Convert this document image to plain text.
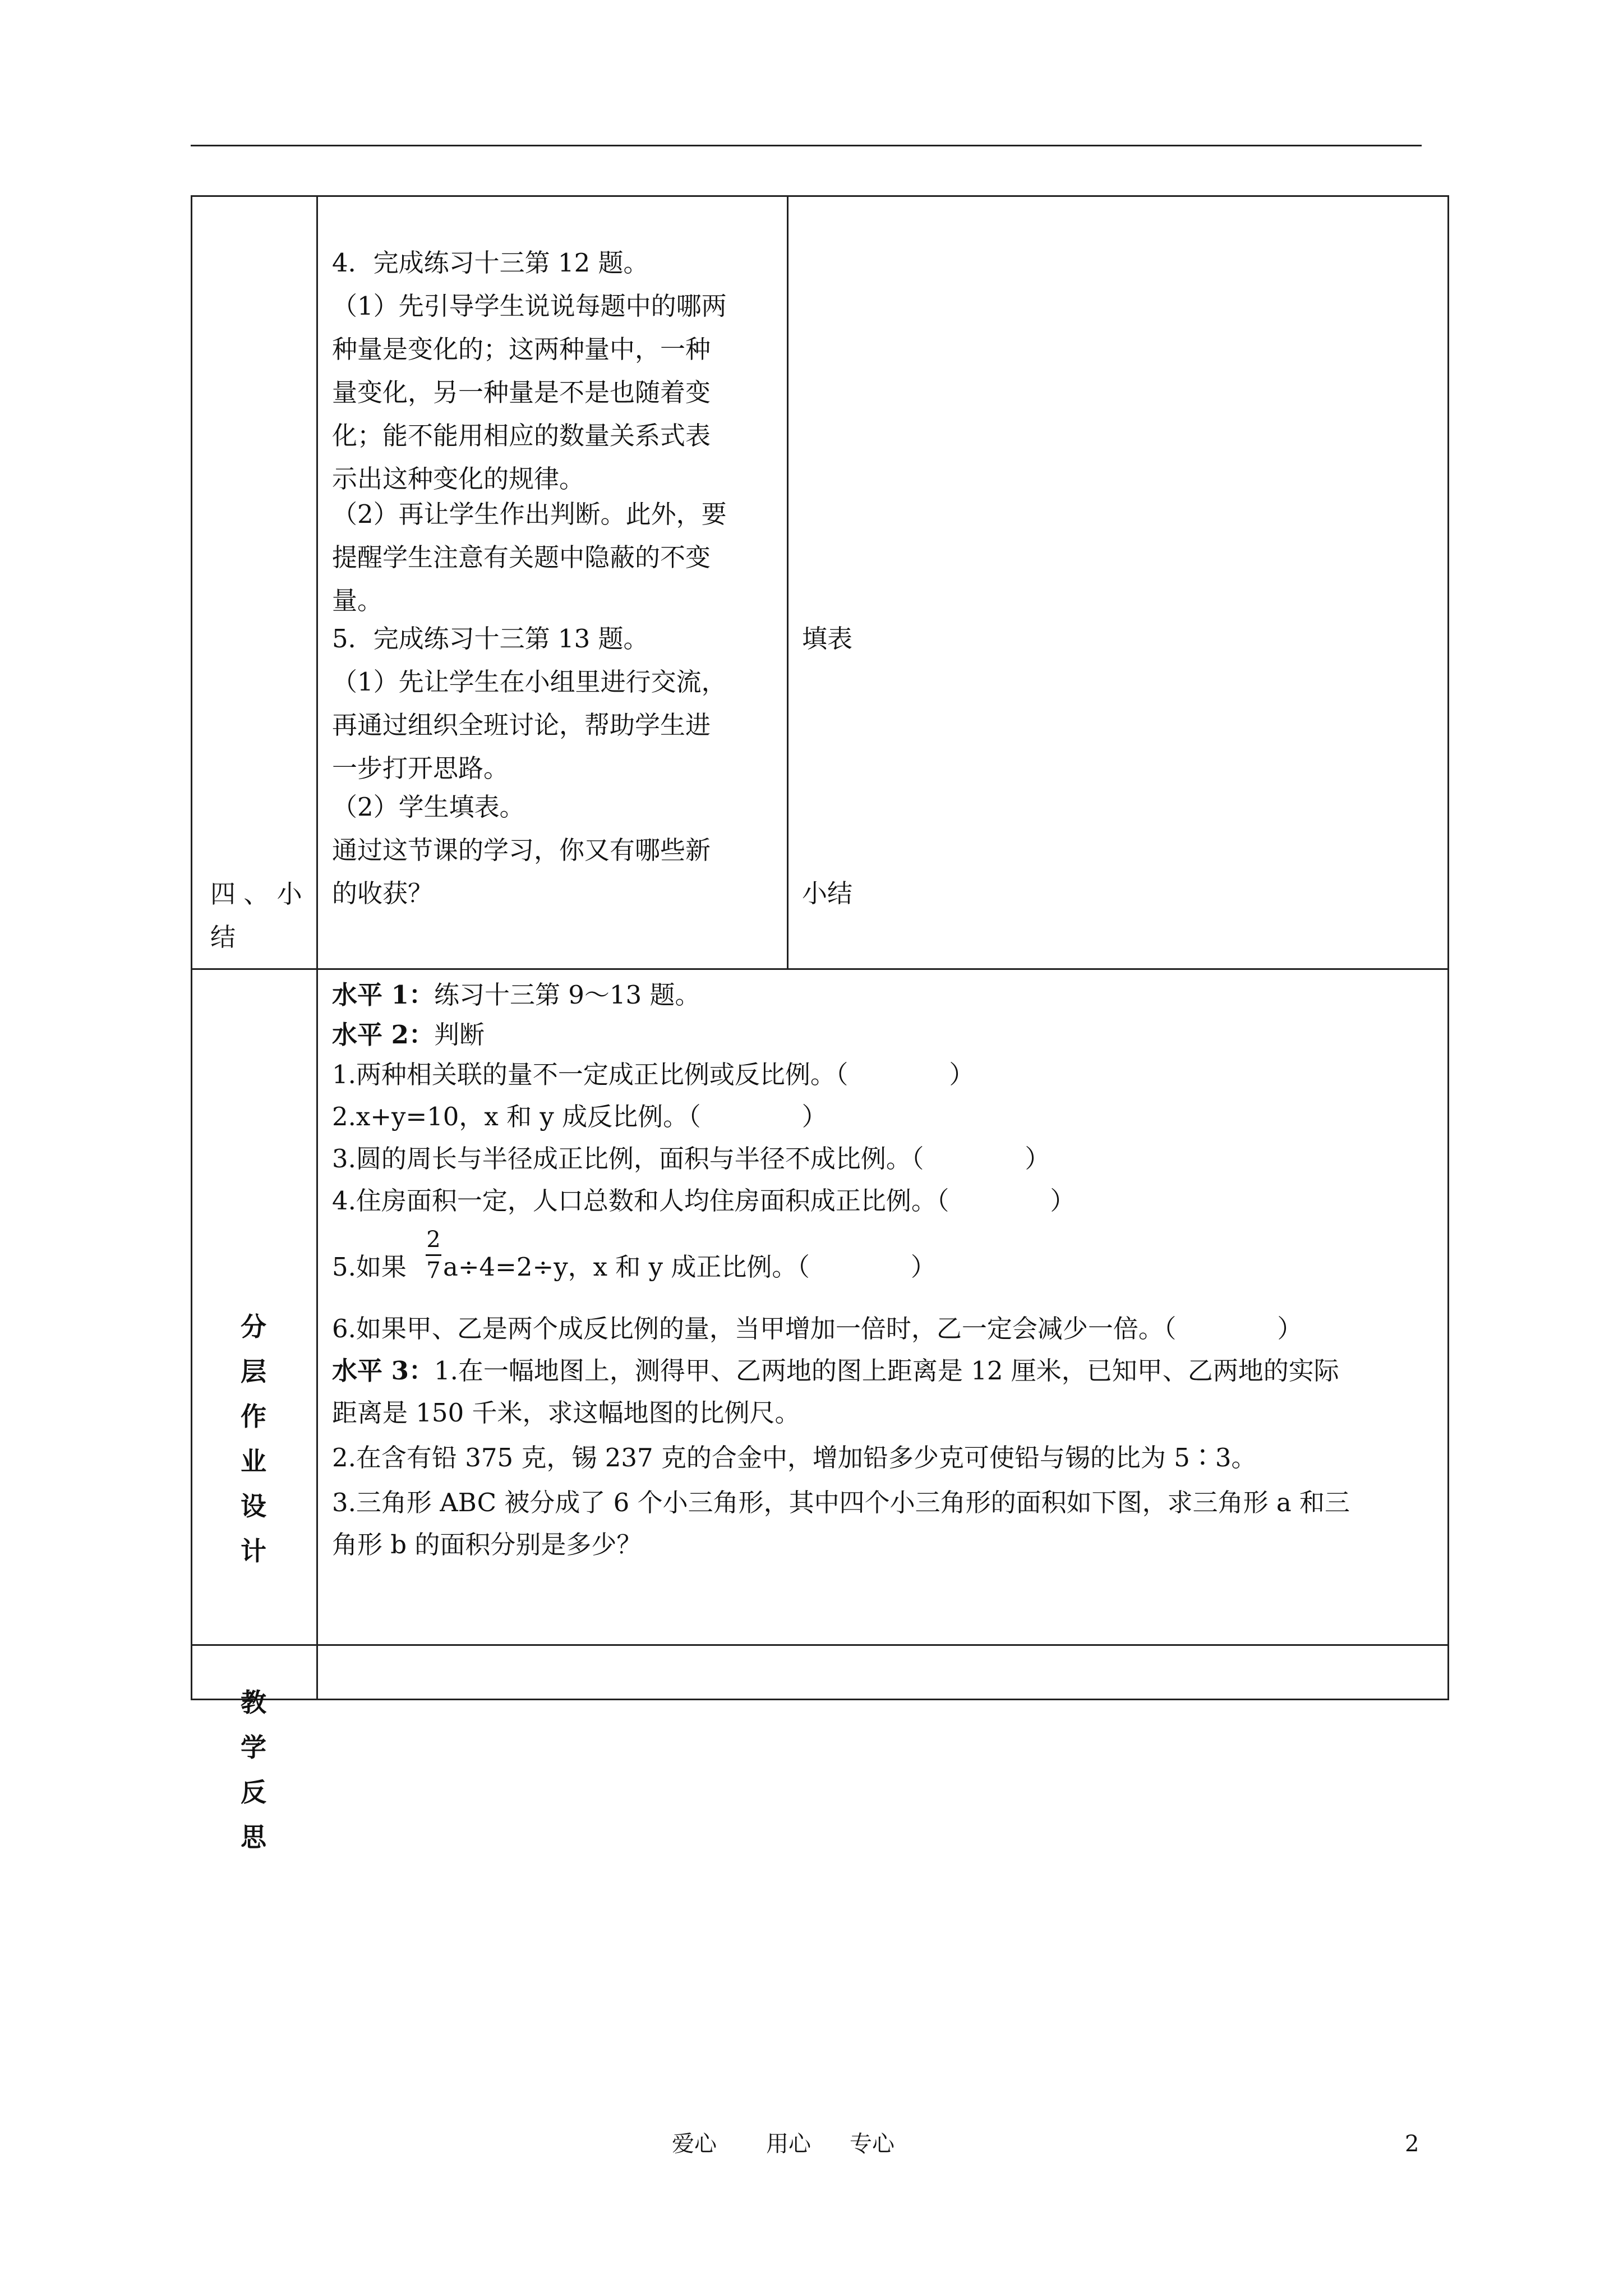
四 、 小
结
4．完成练习十三第 12 题。
（1）先引导学生说说每题中的哪两
种量是变化的；这两种量中，一种
量变化，另一种量是不是也随着变
化；能不能用相应的数量关系式表
示出这种变化的规律。
（2）再让学生作出判断。此外，要
提醒学生注意有关题中隐蔽的不变
量。
5．完成练习十三第 13 题。
（1）先让学生在小组里进行交流，
再通过组织全班讨论，帮助学生进
一步打开思路。
（2）学生填表。
通过这节课的学习，你又有哪些新
的收获？
填表
小结
分
层
作
业
设
计
水平 1：练习十三第 9～13 题。
水平 2：判断
1.两种相关联的量不一定成正比例或反比例。（　　　　）
2.x+y=10，x 和 y 成反比例。（　　　　）
3.圆的周长与半径成正比例，面积与半径不成比例。（　　　　）
4.住房面积一定，人口总数和人均住房面积成正比例。（　　　　）
5.如果
2
7 a÷4=2÷y，x 和 y 成正比例。（　　　　）
6.如果甲、乙是两个成反比例的量，当甲增加一倍时，乙一定会减少一倍。（　　　　）
水平 3：1.在一幅地图上，测得甲、乙两地的图上距离是 12 厘米，已知甲、乙两地的实际
距离是 150 千米，求这幅地图的比例尺。
2.在含有铅 375 克，锡 237 克的合金中，增加铅多少克可使铅与锡的比为 5∶3。
3.三角形 ABC 被分成了 6 个小三角形，其中四个小三角形的面积如下图，求三角形 a 和三
角形 b 的面积分别是多少？
教
学
反
思
爱心 用心 专心	2
